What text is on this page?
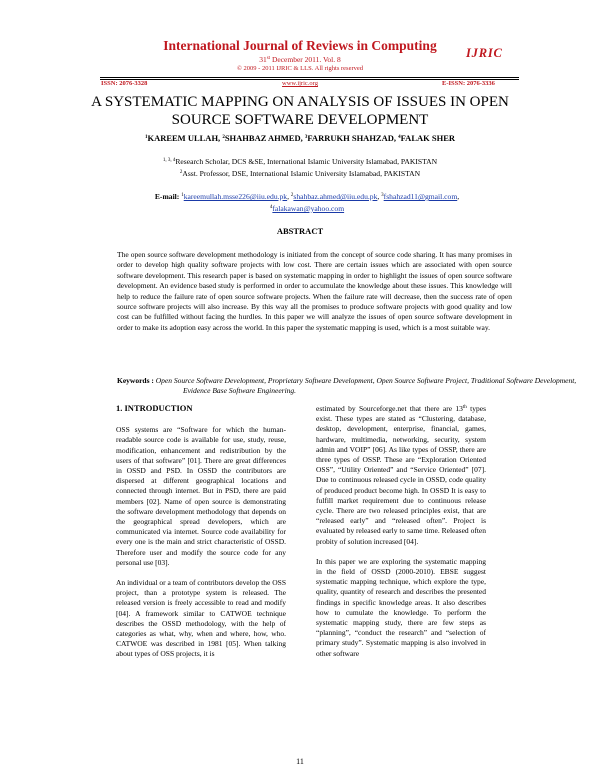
International Journal of Reviews in Computing
31st December 2011. Vol. 8
© 2009 - 2011 IJRIC & LLS. All rights reserved
IJRIC
ISSN: 2076-3328	www.ijric.org	E-ISSN: 2076-3336
A SYSTEMATIC MAPPING ON ANALYSIS OF ISSUES IN OPEN SOURCE SOFTWARE DEVELOPMENT
$^1$KAREEM ULLAH, $^2$SHAHBAZ AHMED, $^3$FARRUKH SHAHZAD, $^4$FALAK SHER
$^{1, 3, 4}$Research Scholar, DCS &SE, International Islamic University Islamabad, PAKISTAN
$^2$Asst. Professor, DSE, International Islamic University Islamabad, PAKISTAN
E-mail: $^1$kareemullah.msse226@iiu.edu.pk, $^2$shahbaz.ahmed@iiu.edu.pk, $^3$fshahzad11@gmail.com,
$^4$falakawan@yahoo.com
ABSTRACT
The open source software development methodology is initiated from the concept of source code sharing. It has many promises in order to develop high quality software projects with low cost. There are certain issues which are associated with open source software development. This research paper is based on systematic mapping in order to highlight the issues of open source software development. An evidence based study is performed in order to accumulate the knowledge about these issues. This knowledge will help to reduce the failure rate of open source software projects. When the failure rate will decrease, then the success rate of open source software projects will also increase. By this way all the promises to produce software projects with good quality and low cost can be fulfilled without facing the hurdles. In this paper we will analyze the issues of open source software development in order to make its adoption easy across the world. In this paper the systematic mapping is used, which is a most suitable way.
Keywords : Open Source Software Development, Proprietary Software Development, Open Source Software Project, Traditional Software Development, Evidence Base Software Engineering.
1. INTRODUCTION

OSS systems are “Software for which the human-readable source code is available for use, study, reuse, modification, enhancement and redistribution by the users of that software” [01]. There are great differences in OSSD and PSD. In OSSD the contributors are dispersed at different geographical locations and connected through internet. But in PSD, there are paid members [02]. Name of open source is demonstrating the software development methodology that depends on the geographical spread developers, which are communicated via internet. Source code availability for every one is the main and strict characteristic of OSSD. Therefore user and modify the source code for any personal use [03].

An individual or a team of contributors develop the OSS project, than a prototype system is released. The released version is freely accessible to read and modify [04]. A framework similar to CATWOE technique describes the OSSD methodology, with the help of categories as what, why, when and where, how, who. CATWOE was described in 1981 [05]. When talking about types of OSS projects, it is

estimated by Sourceforge.net that there are 13th types exist. These types are stated as “Clustering, database, desktop, development, enterprise, financial, games, hardware, multimedia, networking, security, system admin and VOIP” [06]. As like types of OSSP, there are three types of OSSP. These are “Exploration Oriented OSS”, “Utility Oriented” and “Service Oriented” [07]. Due to continuous released cycle in OSSD, code quality of produced product become high. In OSSD It is easy to fulfill market requirement due to continuous release cycle. There are two released principles exist, that are “released early” and “released often”. Project is evaluated by released early to same time. Released often probity of solution increased [04].

In this paper we are exploring the systematic mapping in the field of OSSD (2000-2010). EBSE suggest systematic mapping technique, which explore the type, quality, quantity of research and describes the presented findings in specific knowledge areas. It also describes how to cumulate the knowledge. To perform the systematic mapping study, there are few steps as “planning”, “conduct the research” and “selection of primary study”. Systematic mapping is also involved in other software

11
